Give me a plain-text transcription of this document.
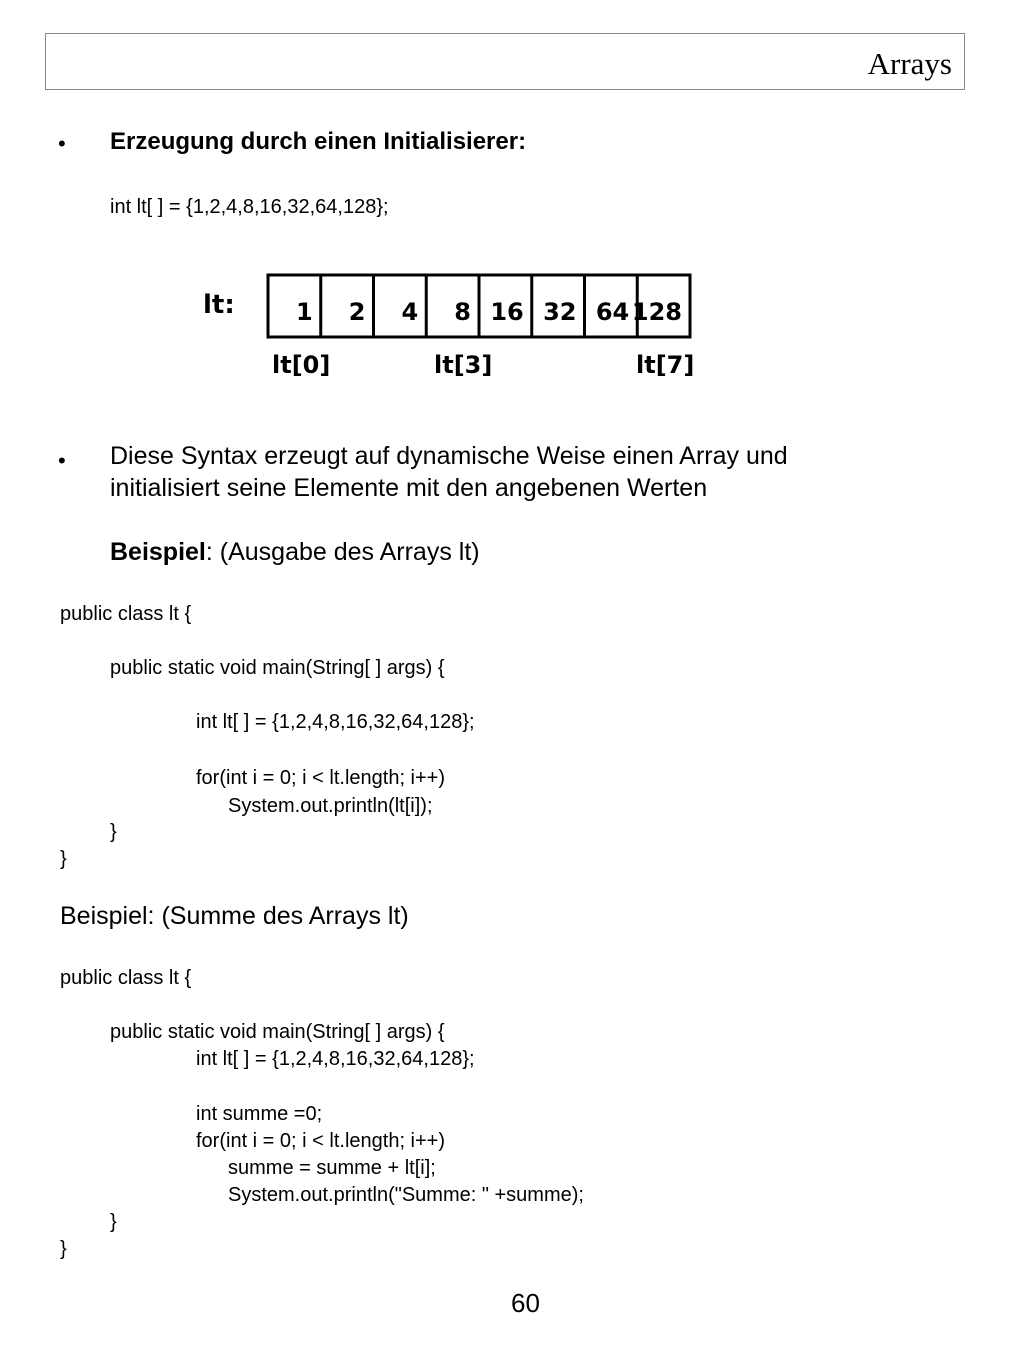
Arrays
• Erzeugung durch einen Initialisierer:
int lt[ ] = {1,2,4,8,16,32,64,128};
lt:	1 2 4 8 16 32 64 128
lt[0]	lt[3]	lt[7]
• Diese Syntax erzeugt auf dynamische Weise einen Array und
initialisiert seine Elemente mit den angebenen Werten
Beispiel: (Ausgabe des Arrays lt)
public class lt {
public static void main(String[ ] args) {
int lt[ ] = {1,2,4,8,16,32,64,128};
for(int i = 0; i < lt.length; i++)
System.out.println(lt[i]);
}
}
Beispiel: (Summe des Arrays lt)
public class lt {
public static void main(String[ ] args) {
int lt[ ] = {1,2,4,8,16,32,64,128};
int summe =0;
for(int i = 0; i < lt.length; i++)
summe = summe + lt[i];
System.out.println("Summe: " +summe);
}
}
60
